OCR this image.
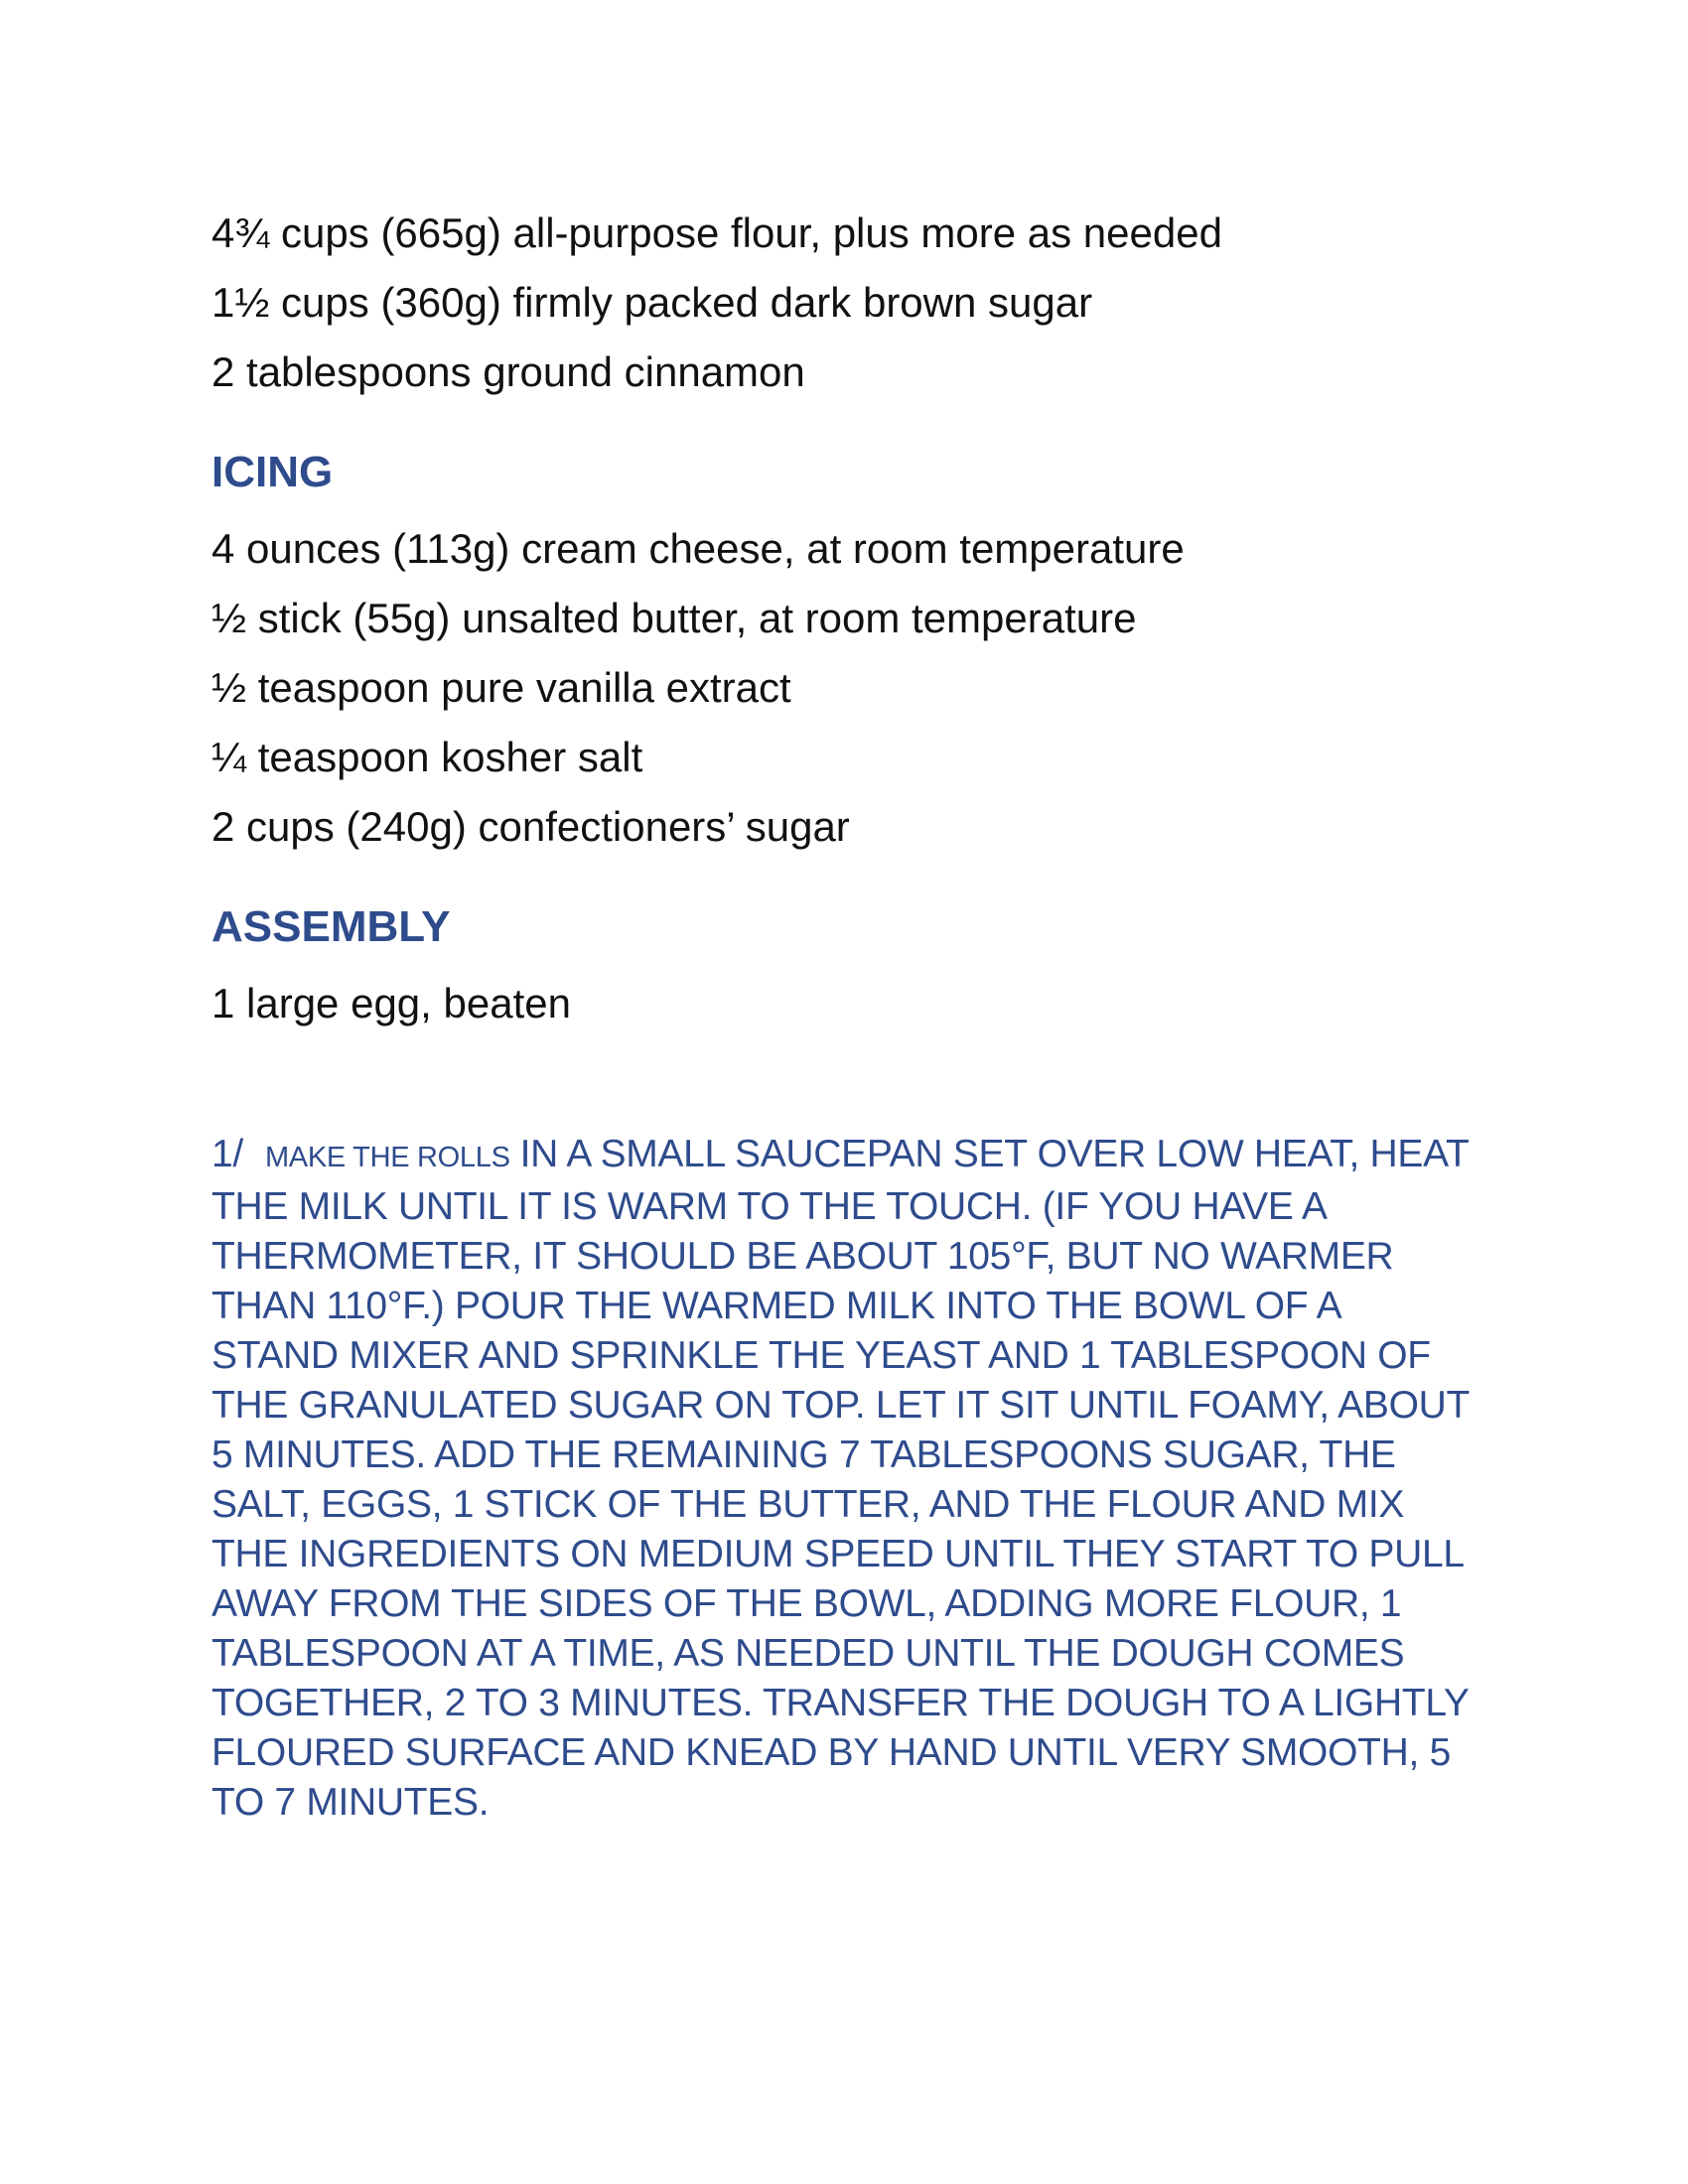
4¾ cups (665g) all-purpose flour, plus more as needed

1½ cups (360g) firmly packed dark brown sugar

2 tablespoons ground cinnamon

ICING

4 ounces (113g) cream cheese, at room temperature

½ stick (55g) unsalted butter, at room temperature

½ teaspoon pure vanilla extract

¼ teaspoon kosher salt

2 cups (240g) confectioners’ sugar

ASSEMBLY

1 large egg, beaten

1/ MAKE THE ROLLS IN A SMALL SAUCEPAN SET OVER LOW HEAT, HEAT THE MILK UNTIL IT IS WARM TO THE TOUCH. (IF YOU HAVE A THERMOMETER, IT SHOULD BE ABOUT 105°F, BUT NO WARMER THAN 110°F.) POUR THE WARMED MILK INTO THE BOWL OF A STAND MIXER AND SPRINKLE THE YEAST AND 1 TABLESPOON OF THE GRANULATED SUGAR ON TOP. LET IT SIT UNTIL FOAMY, ABOUT 5 MINUTES. ADD THE REMAINING 7 TABLESPOONS SUGAR, THE SALT, EGGS, 1 STICK OF THE BUTTER, AND THE FLOUR AND MIX THE INGREDIENTS ON MEDIUM SPEED UNTIL THEY START TO PULL AWAY FROM THE SIDES OF THE BOWL, ADDING MORE FLOUR, 1 TABLESPOON AT A TIME, AS NEEDED UNTIL THE DOUGH COMES TOGETHER, 2 TO 3 MINUTES. TRANSFER THE DOUGH TO A LIGHTLY FLOURED SURFACE AND KNEAD BY HAND UNTIL VERY SMOOTH, 5 TO 7 MINUTES.
